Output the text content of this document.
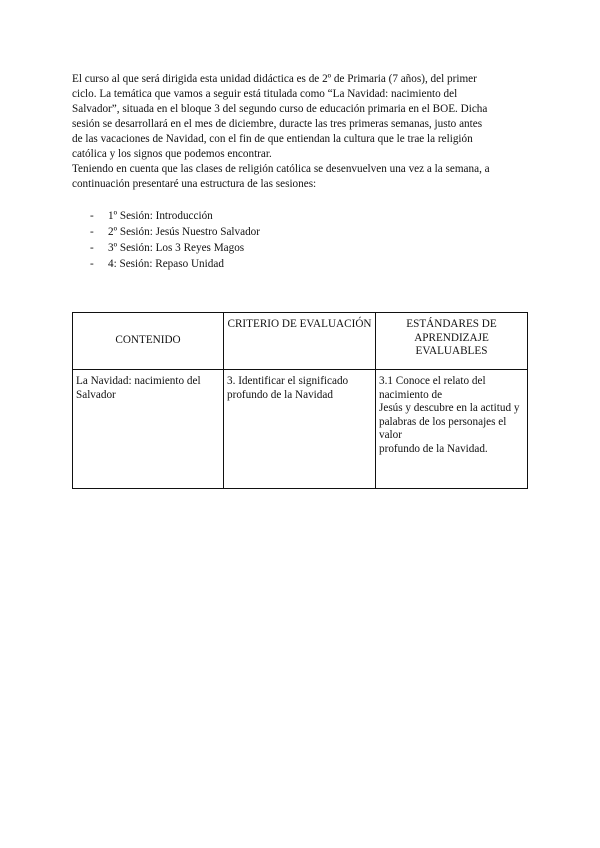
El curso al que será dirigida esta unidad didáctica es de 2º de Primaria (7 años), del primer

ciclo. La temática que vamos a seguir está titulada como “La Navidad: nacimiento del

Salvador”, situada en el bloque 3 del segundo curso de educación primaria en el BOE. Dicha

sesión se desarrollará en el mes de diciembre, duracte las tres primeras semanas, justo antes

de las vacaciones de Navidad, con el fin de que entiendan la cultura que le trae la religión

católica y los signos que podemos encontrar.

Teniendo en cuenta que las clases de religión católica se desenvuelven una vez a la semana, a

continuación presentaré una estructura de las sesiones:

- 1º Sesión: Introducción
- 2º Sesión: Jesús Nuestro Salvador
- 3º Sesión: Los 3 Reyes Magos
- 4: Sesión: Repaso Unidad
CONTENIDO	CRITERIO DE EVALUACIÓN	ESTÁNDARES DE APRENDIZAJE EVALUABLES
La Navidad: nacimiento del Salvador	3. Identificar el significado profundo de la Navidad	3.1 Conoce el relato del nacimiento de

Jesús y descubre en la actitud y

palabras de los personajes el valor

profundo de la Navidad.
